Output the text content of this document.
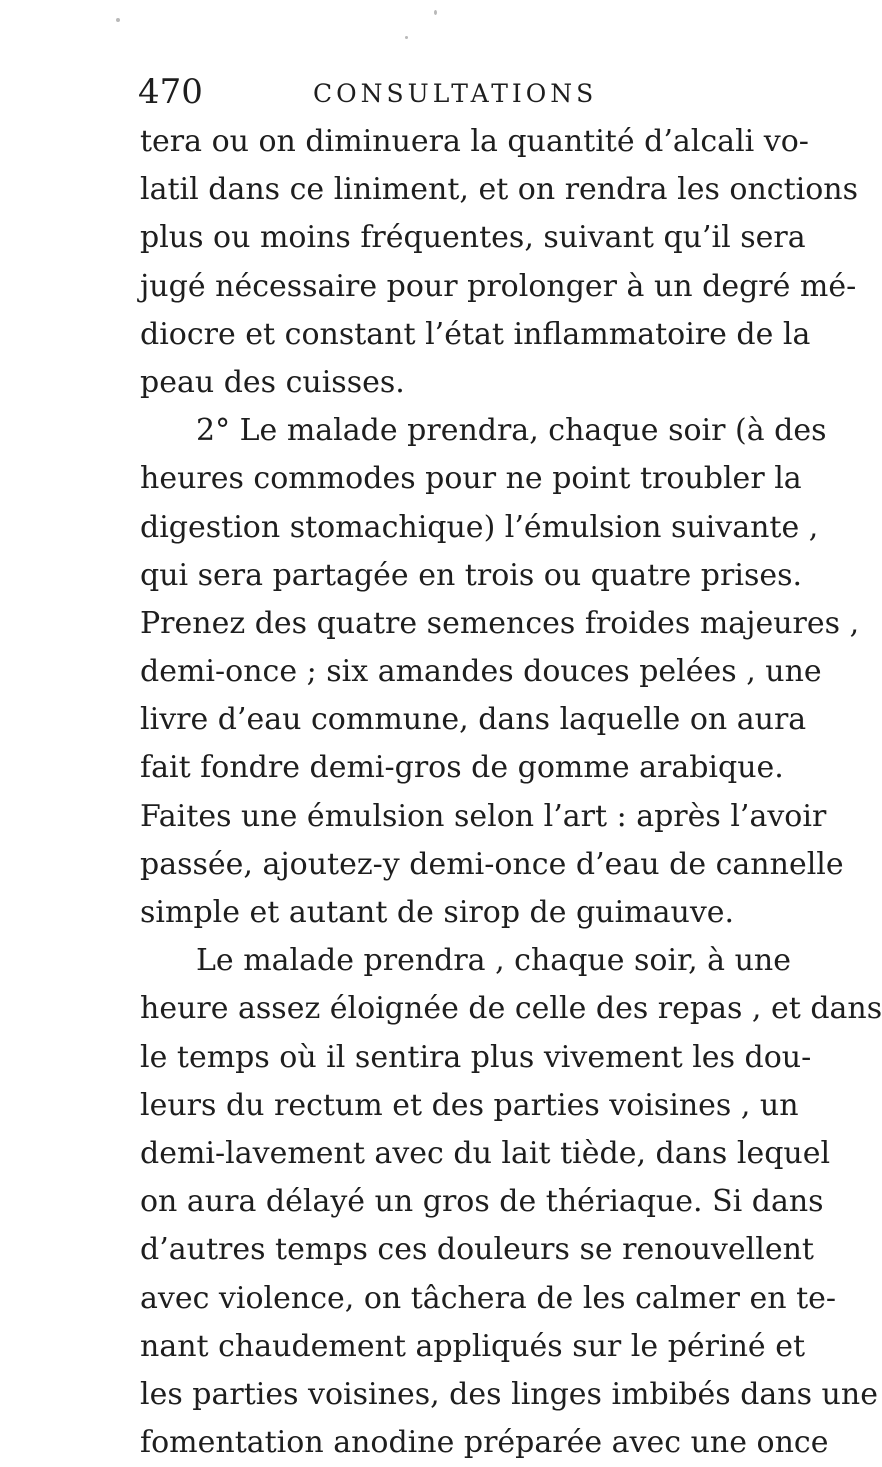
470	CONSULTATIONS
tera ou on diminuera la quantité d’alcali vo-
latil dans ce liniment, et on rendra les onctions
plus ou moins fréquentes, suivant qu’il sera
jugé nécessaire pour prolonger à un degré mé-
diocre et constant l’état inflammatoire de la
peau des cuisses.
2° Le malade prendra, chaque soir (à des
heures commodes pour ne point troubler la
digestion stomachique) l’émulsion suivante ,
qui sera partagée en trois ou quatre prises.
Prenez des quatre semences froides majeures ,
demi-once ; six amandes douces pelées , une
livre d’eau commune, dans laquelle on aura
fait fondre demi-gros de gomme arabique.
Faites une émulsion selon l’art : après l’avoir
passée, ajoutez-y demi-once d’eau de cannelle
simple et autant de sirop de guimauve.
Le malade prendra , chaque soir, à une
heure assez éloignée de celle des repas , et dans
le temps où il sentira plus vivement les dou-
leurs du rectum et des parties voisines , un
demi-lavement avec du lait tiède, dans lequel
on aura délayé un gros de thériaque. Si dans
d’autres temps ces douleurs se renouvellent
avec violence, on tâchera de les calmer en te-
nant chaudement appliqués sur le périné et
les parties voisines, des linges imbibés dans une
fomentation anodine préparée avec une once
